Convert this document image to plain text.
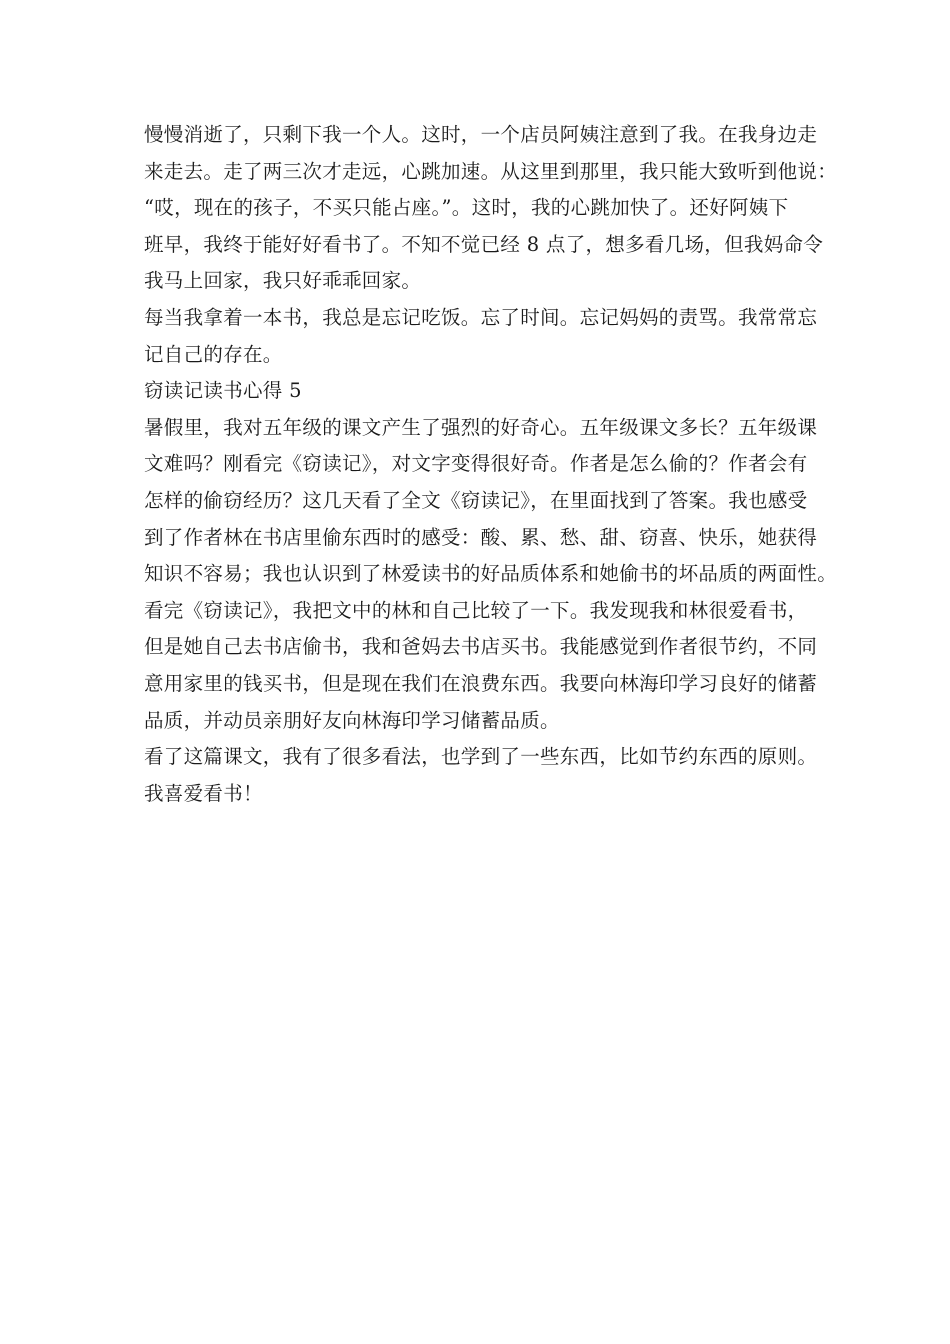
慢慢消逝了，只剩下我一个人。这时，一个店员阿姨注意到了我。在我身边走
来走去。走了两三次才走远，心跳加速。从这里到那里，我只能大致听到他说：
“哎，现在的孩子，不买只能占座。”。这时，我的心跳加快了。还好阿姨下
班早，我终于能好好看书了。不知不觉已经 8 点了，想多看几场，但我妈命令
我马上回家，我只好乖乖回家。
每当我拿着一本书，我总是忘记吃饭。忘了时间。忘记妈妈的责骂。我常常忘
记自己的存在。
窃读记读书心得 5
暑假里，我对五年级的课文产生了强烈的好奇心。五年级课文多长？五年级课
文难吗？刚看完《窃读记》，对文字变得很好奇。作者是怎么偷的？作者会有
怎样的偷窃经历？这几天看了全文《窃读记》，在里面找到了答案。我也感受
到了作者林在书店里偷东西时的感受：酸、累、愁、甜、窃喜、快乐，她获得
知识不容易；我也认识到了林爱读书的好品质体系和她偷书的坏品质的两面性。
看完《窃读记》，我把文中的林和自己比较了一下。我发现我和林很爱看书，
但是她自己去书店偷书，我和爸妈去书店买书。我能感觉到作者很节约，不同
意用家里的钱买书，但是现在我们在浪费东西。我要向林海印学习良好的储蓄
品质，并动员亲朋好友向林海印学习储蓄品质。
看了这篇课文，我有了很多看法，也学到了一些东西，比如节约东西的原则。
我喜爱看书！
